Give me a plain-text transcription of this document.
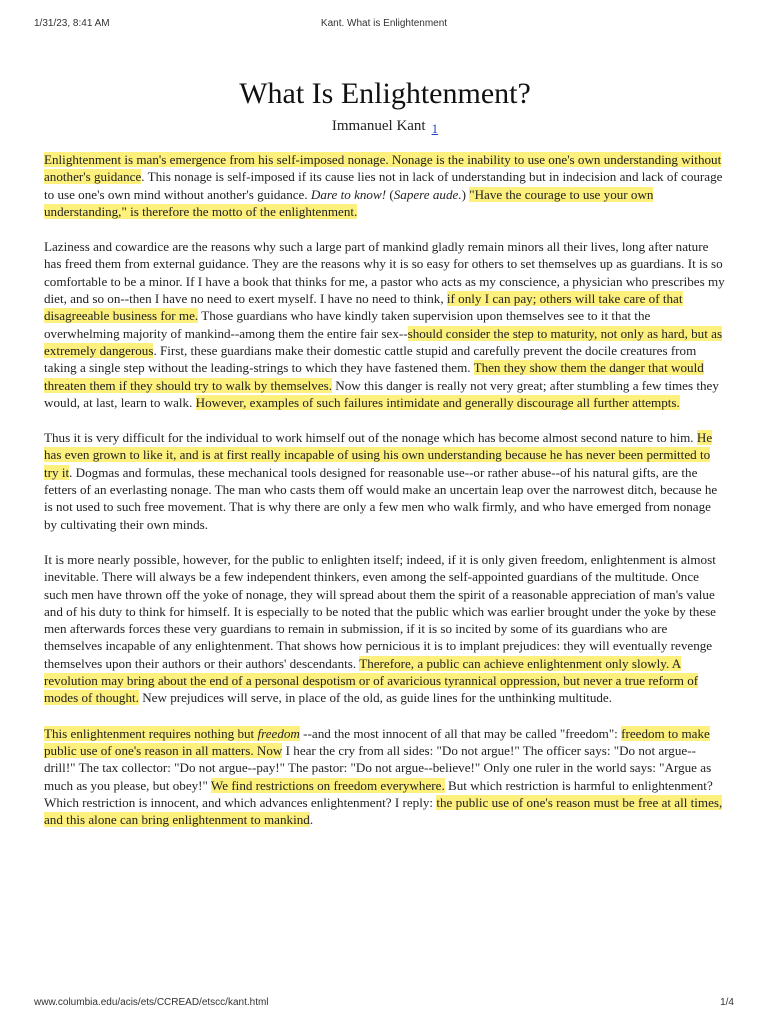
1/31/23, 8:41 AM	Kant. What is Enlightenment
What Is Enlightenment?
Immanuel Kant 1

Enlightenment is man's emergence from his self-imposed nonage. Nonage is the inability to use one's own understanding without another's guidance. This nonage is self-imposed if its cause lies not in lack of understanding but in indecision and lack of courage to use one's own mind without another's guidance. Dare to know! (Sapere aude.) "Have the courage to use your own understanding," is therefore the motto of the enlightenment.

Laziness and cowardice are the reasons why such a large part of mankind gladly remain minors all their lives, long after nature has freed them from external guidance. They are the reasons why it is so easy for others to set themselves up as guardians. It is so comfortable to be a minor. If I have a book that thinks for me, a pastor who acts as my conscience, a physician who prescribes my diet, and so on--then I have no need to exert myself. I have no need to think, if only I can pay; others will take care of that disagreeable business for me. Those guardians who have kindly taken supervision upon themselves see to it that the overwhelming majority of mankind--among them the entire fair sex--should consider the step to maturity, not only as hard, but as extremely dangerous. First, these guardians make their domestic cattle stupid and carefully prevent the docile creatures from taking a single step without the leading-strings to which they have fastened them. Then they show them the danger that would threaten them if they should try to walk by themselves. Now this danger is really not very great; after stumbling a few times they would, at last, learn to walk. However, examples of such failures intimidate and generally discourage all further attempts.

Thus it is very difficult for the individual to work himself out of the nonage which has become almost second nature to him. He has even grown to like it, and is at first really incapable of using his own understanding because he has never been permitted to try it. Dogmas and formulas, these mechanical tools designed for reasonable use--or rather abuse--of his natural gifts, are the fetters of an everlasting nonage. The man who casts them off would make an uncertain leap over the narrowest ditch, because he is not used to such free movement. That is why there are only a few men who walk firmly, and who have emerged from nonage by cultivating their own minds.

It is more nearly possible, however, for the public to enlighten itself; indeed, if it is only given freedom, enlightenment is almost inevitable. There will always be a few independent thinkers, even among the self-appointed guardians of the multitude. Once such men have thrown off the yoke of nonage, they will spread about them the spirit of a reasonable appreciation of man's value and of his duty to think for himself. It is especially to be noted that the public which was earlier brought under the yoke by these men afterwards forces these very guardians to remain in submission, if it is so incited by some of its guardians who are themselves incapable of any enlightenment. That shows how pernicious it is to implant prejudices: they will eventually revenge themselves upon their authors or their authors' descendants. Therefore, a public can achieve enlightenment only slowly. A revolution may bring about the end of a personal despotism or of avaricious tyrannical oppression, but never a true reform of modes of thought. New prejudices will serve, in place of the old, as guide lines for the unthinking multitude.

This enlightenment requires nothing but freedom --and the most innocent of all that may be called "freedom": freedom to make public use of one's reason in all matters. Now I hear the cry from all sides: "Do not argue!" The officer says: "Do not argue--drill!" The tax collector: "Do not argue--pay!" The pastor: "Do not argue--believe!" Only one ruler in the world says: "Argue as much as you please, but obey!" We find restrictions on freedom everywhere. But which restriction is harmful to enlightenment? Which restriction is innocent, and which advances enlightenment? I reply: the public use of one's reason must be free at all times, and this alone can bring enlightenment to mankind.

www.columbia.edu/acis/ets/CCREAD/etscc/kant.html	1/4
